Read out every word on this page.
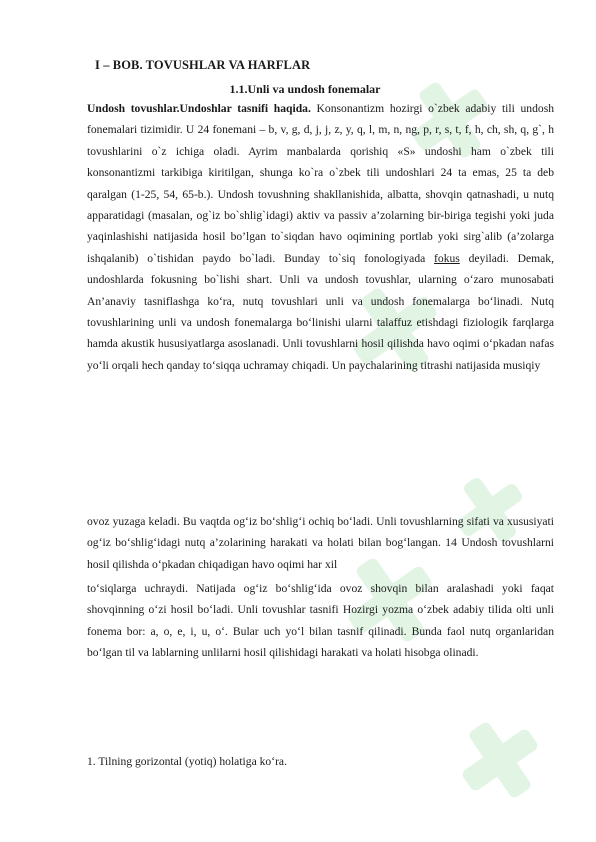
I – BOB. TOVUSHLAR VA HARFLAR
1.1.Unli va undosh fonemalar

Undosh tovushlar.Undoshlar tasnifi haqida. Konsonantizm hozirgi o`zbek adabiy tili undosh fonemalari tizimidir. U 24 fonemani – b, v, g, d, j, j, z, y, q, l, m, n, ng, p, r, s, t, f, h, ch, sh, q, g`, h tovushlarini o`z ichiga oladi. Ayrim manbalarda qorishiq «S» undoshi ham o`zbek tili konsonantizmi tarkibiga kiritilgan, shunga ko`ra o`zbek tili undoshlari 24 ta emas, 25 ta deb qaralgan (1-25, 54, 65-b.). Undosh tovushning shakllanishida, albatta, shovqin qatnashadi, u nutq apparatidagi (masalan, og`iz bo`shlig`idagi) aktiv va passiv a’zolarning bir-biriga tegishi yoki juda yaqinlashishi natijasida hosil bo’lgan to`siqdan havo oqimining portlab yoki sirg`alib (a’zolarga ishqalanib) o`tishidan paydo bo`ladi. Bunday to`siq fonologiyada fokus deyiladi. Demak, undoshlarda fokusning bo`lishi shart. Unli va undosh tovushlar, ularning o‘zaro munosabati An’anaviy tasniflashga ko‘ra, nutq tovushlari unli va undosh fonemalarga bo‘linadi. Nutq tovushlarining unli va undosh fonemalarga bo‘linishi ularni talaffuz etishdagi fiziologik farqlarga hamda akustik hususiyatlarga asoslanadi. Unli tovushlarni hosil qilishda havo oqimi o‘pkadan nafas yo‘li orqali hech qanday to‘siqqa uchramay chiqadi. Un paychalarining titrashi natijasida musiqiy

ovoz yuzaga keladi. Bu vaqtda og‘iz bo‘shlig‘i ochiq bo‘ladi. Unli tovushlarning sifati va xususiyati og‘iz bo‘shlig‘idagi nutq a’zolarining harakati va holati bilan bog‘langan. 14 Undosh tovushlarni hosil qilishda o‘pkadan chiqadigan havo oqimi har xil

to‘siqlarga uchraydi. Natijada og‘iz bo‘shlig‘ida ovoz shovqin bilan aralashadi yoki faqat shovqinning o‘zi hosil bo‘ladi. Unli tovushlar tasnifi Hozirgi yozma o‘zbek adabiy tilida olti unli fonema bor: a, o, e, i, u, o‘. Bular uch yo‘l bilan tasnif qilinadi. Bunda faol nutq organlaridan bo‘lgan til va lablarning unlilarni hosil qilishidagi harakati va holati hisobga olinadi.

1. Tilning gorizontal (yotiq) holatiga ko‘ra.
